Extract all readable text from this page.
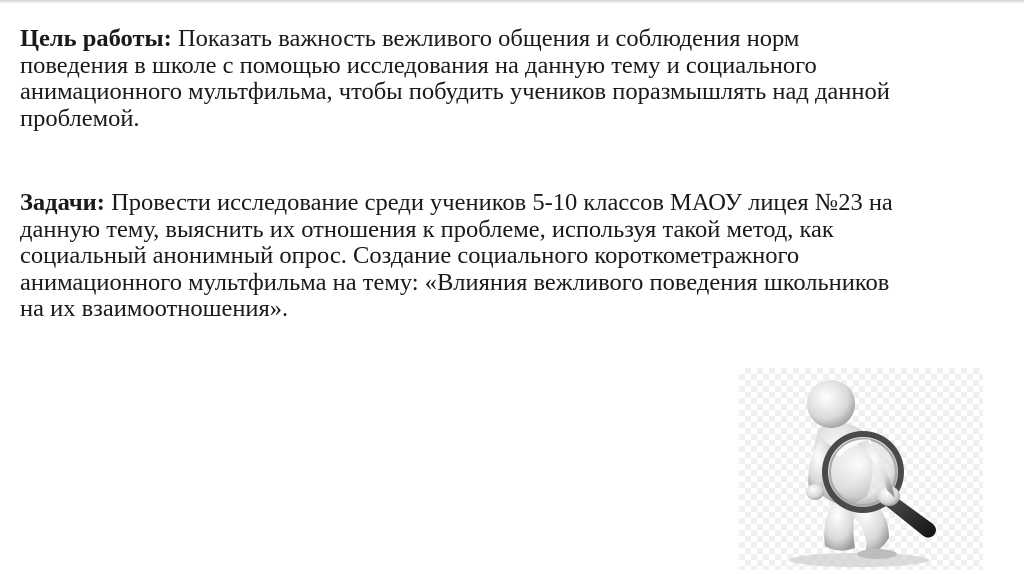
Цель работы: Показать важность вежливого общения и соблюдения норм поведения в школе с помощью исследования на данную тему и социального анимационного мультфильма, чтобы побудить учеников поразмышлять над данной проблемой.

Задачи: Провести исследование среди учеников 5-10 классов МАОУ лицея №23 на данную тему, выяснить их отношения к проблеме, используя такой метод, как социальный анонимный опрос. Создание социального короткометражного анимационного мультфильма на тему: «Влияния вежливого поведения школьников на их взаимоотношения».
